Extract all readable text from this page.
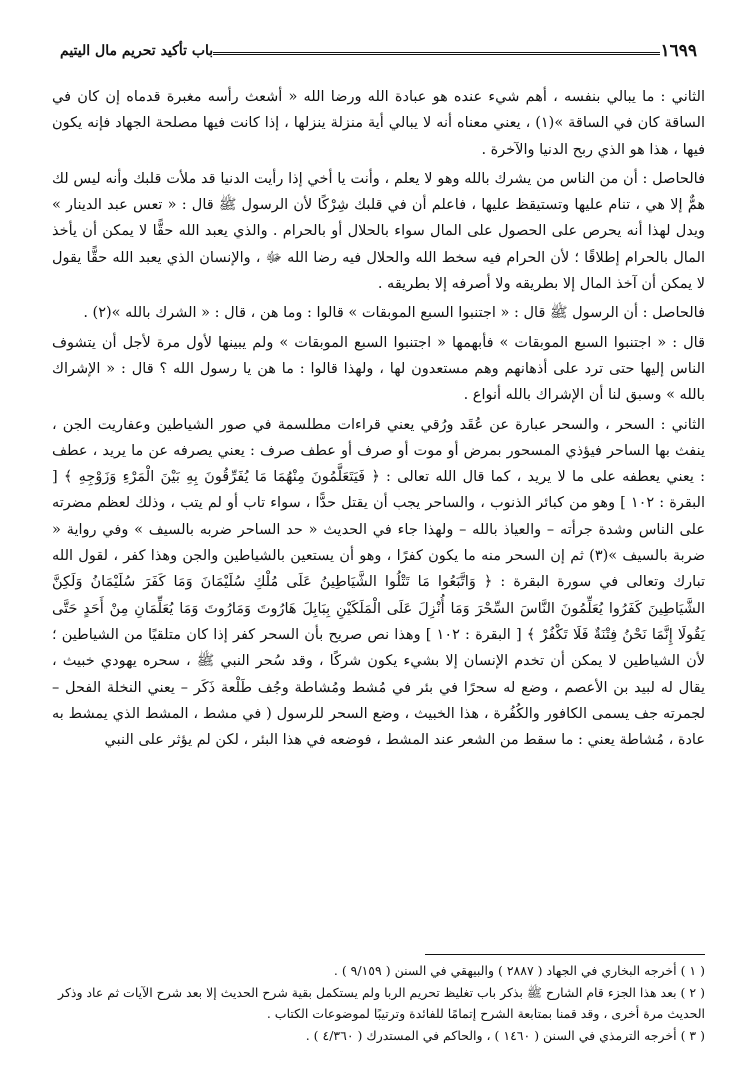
١٦٩٩
باب تأكيد تحريم مال اليتيم

الثاني : ما يبالي بنفسه ، أهم شيء عنده هو عبادة الله ورضا الله « أشعث رأسه مغبرة قدماه إن كان في الساقة كان في الساقة »(١) ، يعني معناه أنه لا يبالي أية منزلة ينزلها ، إذا كانت فيها مصلحة الجهاد فإنه يكون فيها ، هذا هو الذي ربح الدنيا والآخرة .

فالحاصل : أن من الناس من يشرك بالله وهو لا يعلم ، وأنت يا أخي إذا رأيت الدنيا قد ملأت قلبك وأنه ليس لك همٌّ إلا هي ، تنام عليها وتستيقظ عليها ، فاعلم أن في قلبك شِرْكًا لأن الرسول ﷺ قال : « تعس عبد الدينار » ويدل لهذا أنه يحرص على الحصول على المال سواء بالحلال أو بالحرام . والذي يعبد الله حقًّا لا يمكن أن يأخذ المال بالحرام إطلاقًا ؛ لأن الحرام فيه سخط الله والحلال فيه رضا الله ﷻ ، والإنسان الذي يعبد الله حقًّا يقول لا يمكن أن آخذ المال إلا بطريقه ولا أصرفه إلا بطريقه .

فالحاصل : أن الرسول ﷺ قال : « اجتنبوا السبع الموبقات » قالوا : وما هن ، قال : « الشرك بالله »(٢) .

قال : « اجتنبوا السبع الموبقات » فأبهمها « اجتنبوا السبع الموبقات » ولم يبينها لأول مرة لأجل أن يتشوف الناس إليها حتى ترد على أذهانهم وهم مستعدون لها ، ولهذا قالوا : ما هن يا رسول الله ؟ قال : « الإشراك بالله » وسبق لنا أن الإشراك بالله أنواع .

الثاني : السحر ، والسحر عبارة عن عُقَد ورُقي يعني قراءات مطلسمة في صور الشياطين وعفاريت الجن ، ينفث بها الساحر فيؤذي المسحور بمرض أو موت أو صرف أو عطف صرف : يعني يصرفه عن ما يريد ، عطف : يعني يعطفه على ما لا يريد ، كما قال الله تعالى : ﴿ فَيَتَعَلَّمُونَ مِنْهُمَا مَا يُفَرِّقُونَ بِهِ بَيْنَ الْمَرْءِ وَزَوْجِهِ ﴾ [ البقرة : ١٠٢ ] وهو من كبائر الذنوب ، والساحر يجب أن يقتل حدًّا ، سواء تاب أو لم يتب ، وذلك لعظم مضرته على الناس وشدة جرأته – والعياذ بالله – ولهذا جاء في الحديث « حد الساحر ضربه بالسيف » وفي رواية « ضربة بالسيف »(٣) ثم إن السحر منه ما يكون كفرًا ، وهو أن يستعين بالشياطين والجن وهذا كفر ، لقول الله تبارك وتعالى في سورة البقرة : ﴿ وَاتَّبَعُوا مَا تَتْلُوا الشَّيَاطِينُ عَلَى مُلْكِ سُلَيْمَانَ وَمَا كَفَرَ سُلَيْمَانُ وَلَكِنَّ الشَّيَاطِينَ كَفَرُوا يُعَلِّمُونَ النَّاسَ السِّحْرَ وَمَا أُنْزِلَ عَلَى الْمَلَكَيْنِ بِبَابِلَ هَارُوتَ وَمَارُوتَ وَمَا يُعَلِّمَانِ مِنْ أَحَدٍ حَتَّى يَقُولَا إِنَّمَا نَحْنُ فِتْنَةٌ فَلَا تَكْفُرْ ﴾ [ البقرة : ١٠٢ ] وهذا نص صريح بأن السحر كفر إذا كان متلقيًا من الشياطين ؛ لأن الشياطين لا يمكن أن تخدم الإنسان إلا بشيء يكون شركًا ، وقد سُحر النبي ﷺ ، سحره يهودي خبيث ، يقال له لبيد بن الأعصم ، وضع له سحرًا في بئر في مُشط ومُشاطة وجُف طَلْعة ذَكَر – يعني النخلة الفحل – لجمرته جف يسمى الكافور والكُفُرة ، هذا الخبيث ، وضع السحر للرسول ( في مشط ، المشط الذي يمشط به عادة ، مُشاطة يعني : ما سقط من الشعر عند المشط ، فوضعه في هذا البئر ، لكن لم يؤثر على النبي

( ١ ) أخرجه البخاري في الجهاد ( ٢٨٨٧ ) والبيهقي في السنن ( ٩/١٥٩ ) .

( ٢ ) بعد هذا الجزء قام الشارح ﷺ بذكر باب تغليظ تحريم الربا ولم يستكمل بقية شرح الحديث إلا بعد شرح الآيات ثم عاد وذكر الحديث مرة أخرى ، وقد قمنا بمتابعة الشرح إتمامًا للفائدة وترتيبًا لموضوعات الكتاب .

( ٣ ) أخرجه الترمذي في السنن ( ١٤٦٠ ) ، والحاكم في المستدرك ( ٤/٣٦٠ ) .
